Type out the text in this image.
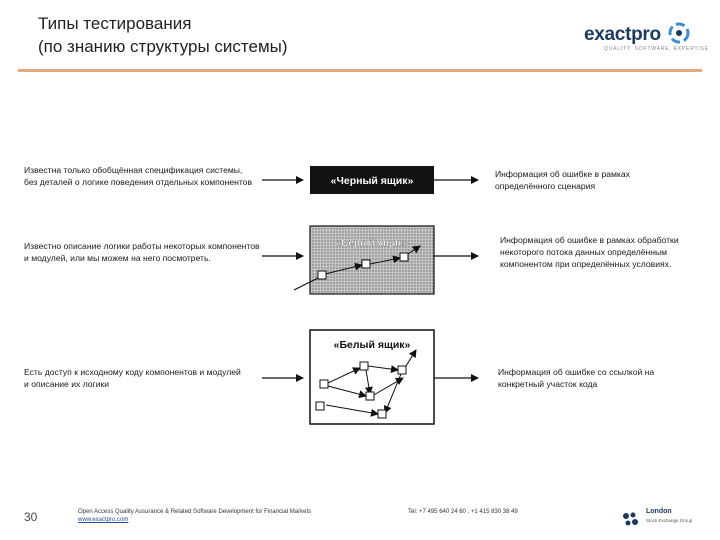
Типы тестирования
(по знанию структуры системы)
exactpro
QUALITY. SOFTWARE. EXPERTISE
«Черный ящик»
«Серый ящик»
«Белый ящик»
Известна только обобщённая спецификация системы, без деталей о логике поведения отдельных компонентов
Информация об ошибке в рамках определённого сценария
Известно описание логики работы некоторых компонентов и модулей, или мы можем на него посмотреть.
Информация об ошибке в рамках обработки некоторого потока данных определённым компонентом при определённых условиях.
Есть доступ к исходному коду компонентов и модулей и описание их логики
Информация об ошибке со ссылкой на конкретный участок кода
30	Open Access Quality Assurance & Related Software Development for Financial Markets
www.exactpro.com
Tel: +7 495 640 24 60 , +1 415 830 38 49	London
Stock Exchange Group
